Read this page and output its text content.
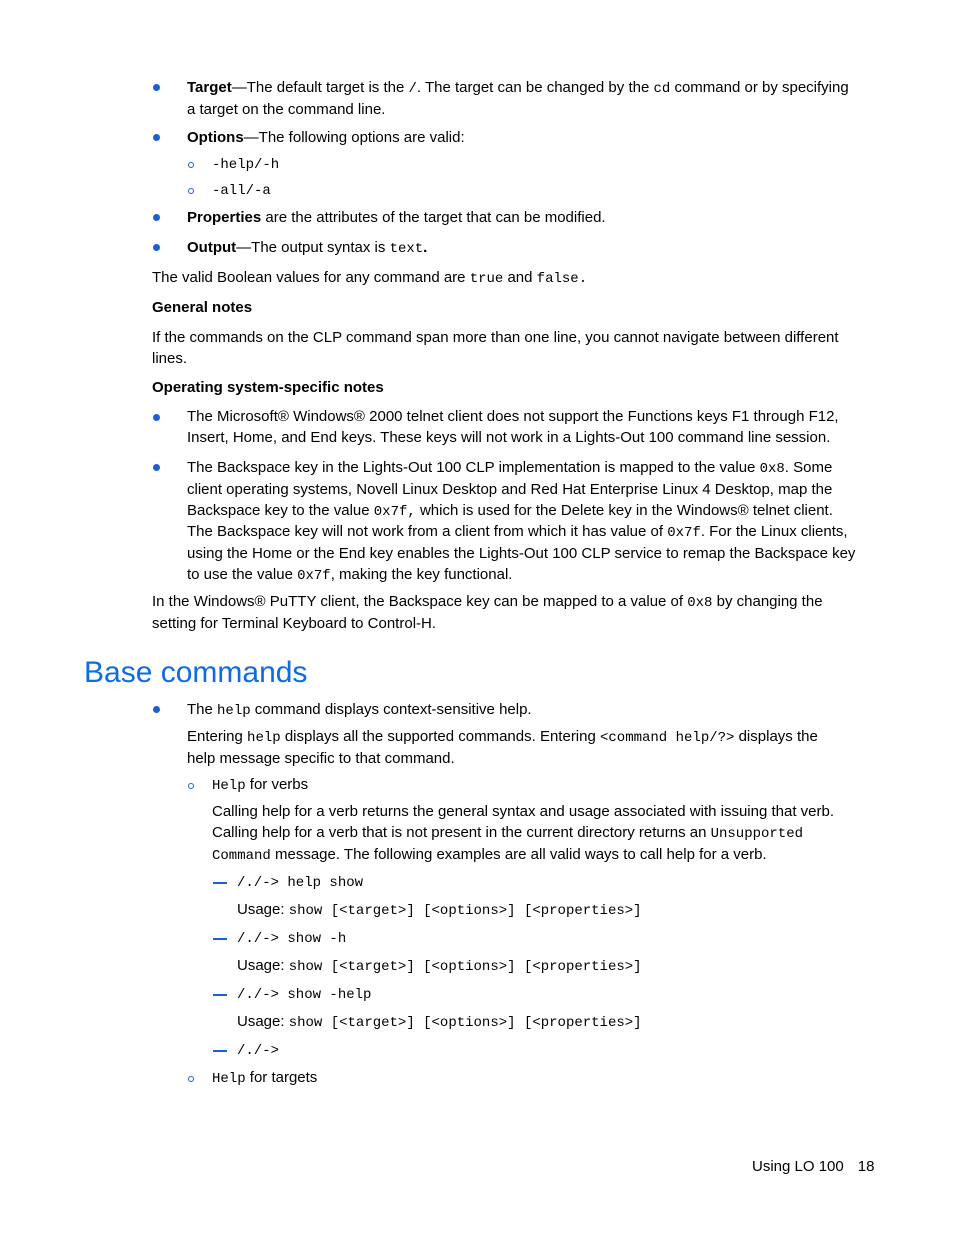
Target—The default target is the /. The target can be changed by the cd command or by specifying
a target on the command line.
Options—The following options are valid:
-help/-h
-all/-a
Properties are the attributes of the target that can be modified.
Output—The output syntax is text.
The valid Boolean values for any command are true and false.
General notes
If the commands on the CLP command span more than one line, you cannot navigate between different
lines.
Operating system-specific notes
The Microsoft® Windows® 2000 telnet client does not support the Functions keys F1 through F12,
Insert, Home, and End keys. These keys will not work in a Lights-Out 100 command line session.
The Backspace key in the Lights-Out 100 CLP implementation is mapped to the value 0x8. Some
client operating systems, Novell Linux Desktop and Red Hat Enterprise Linux 4 Desktop, map the
Backspace key to the value 0x7f, which is used for the Delete key in the Windows® telnet client.
The Backspace key will not work from a client from which it has value of 0x7f. For the Linux clients,
using the Home or the End key enables the Lights-Out 100 CLP service to remap the Backspace key
to use the value 0x7f, making the key functional.
In the Windows® PuTTY client, the Backspace key can be mapped to a value of 0x8 by changing the
setting for Terminal Keyboard to Control-H.
Base commands
The help command displays context-sensitive help.
Entering help displays all the supported commands. Entering <command help/?> displays the
help message specific to that command.
Help for verbs
Calling help for a verb returns the general syntax and usage associated with issuing that verb.
Calling help for a verb that is not present in the current directory returns an Unsupported
Command message. The following examples are all valid ways to call help for a verb.
/./-> help show
Usage: show [<target>] [<options>] [<properties>]
/./-> show -h
Usage: show [<target>] [<options>] [<properties>]
/./-> show -help
Usage: show [<target>] [<options>] [<properties>]
/./->
Help for targets
Using LO 100 18
